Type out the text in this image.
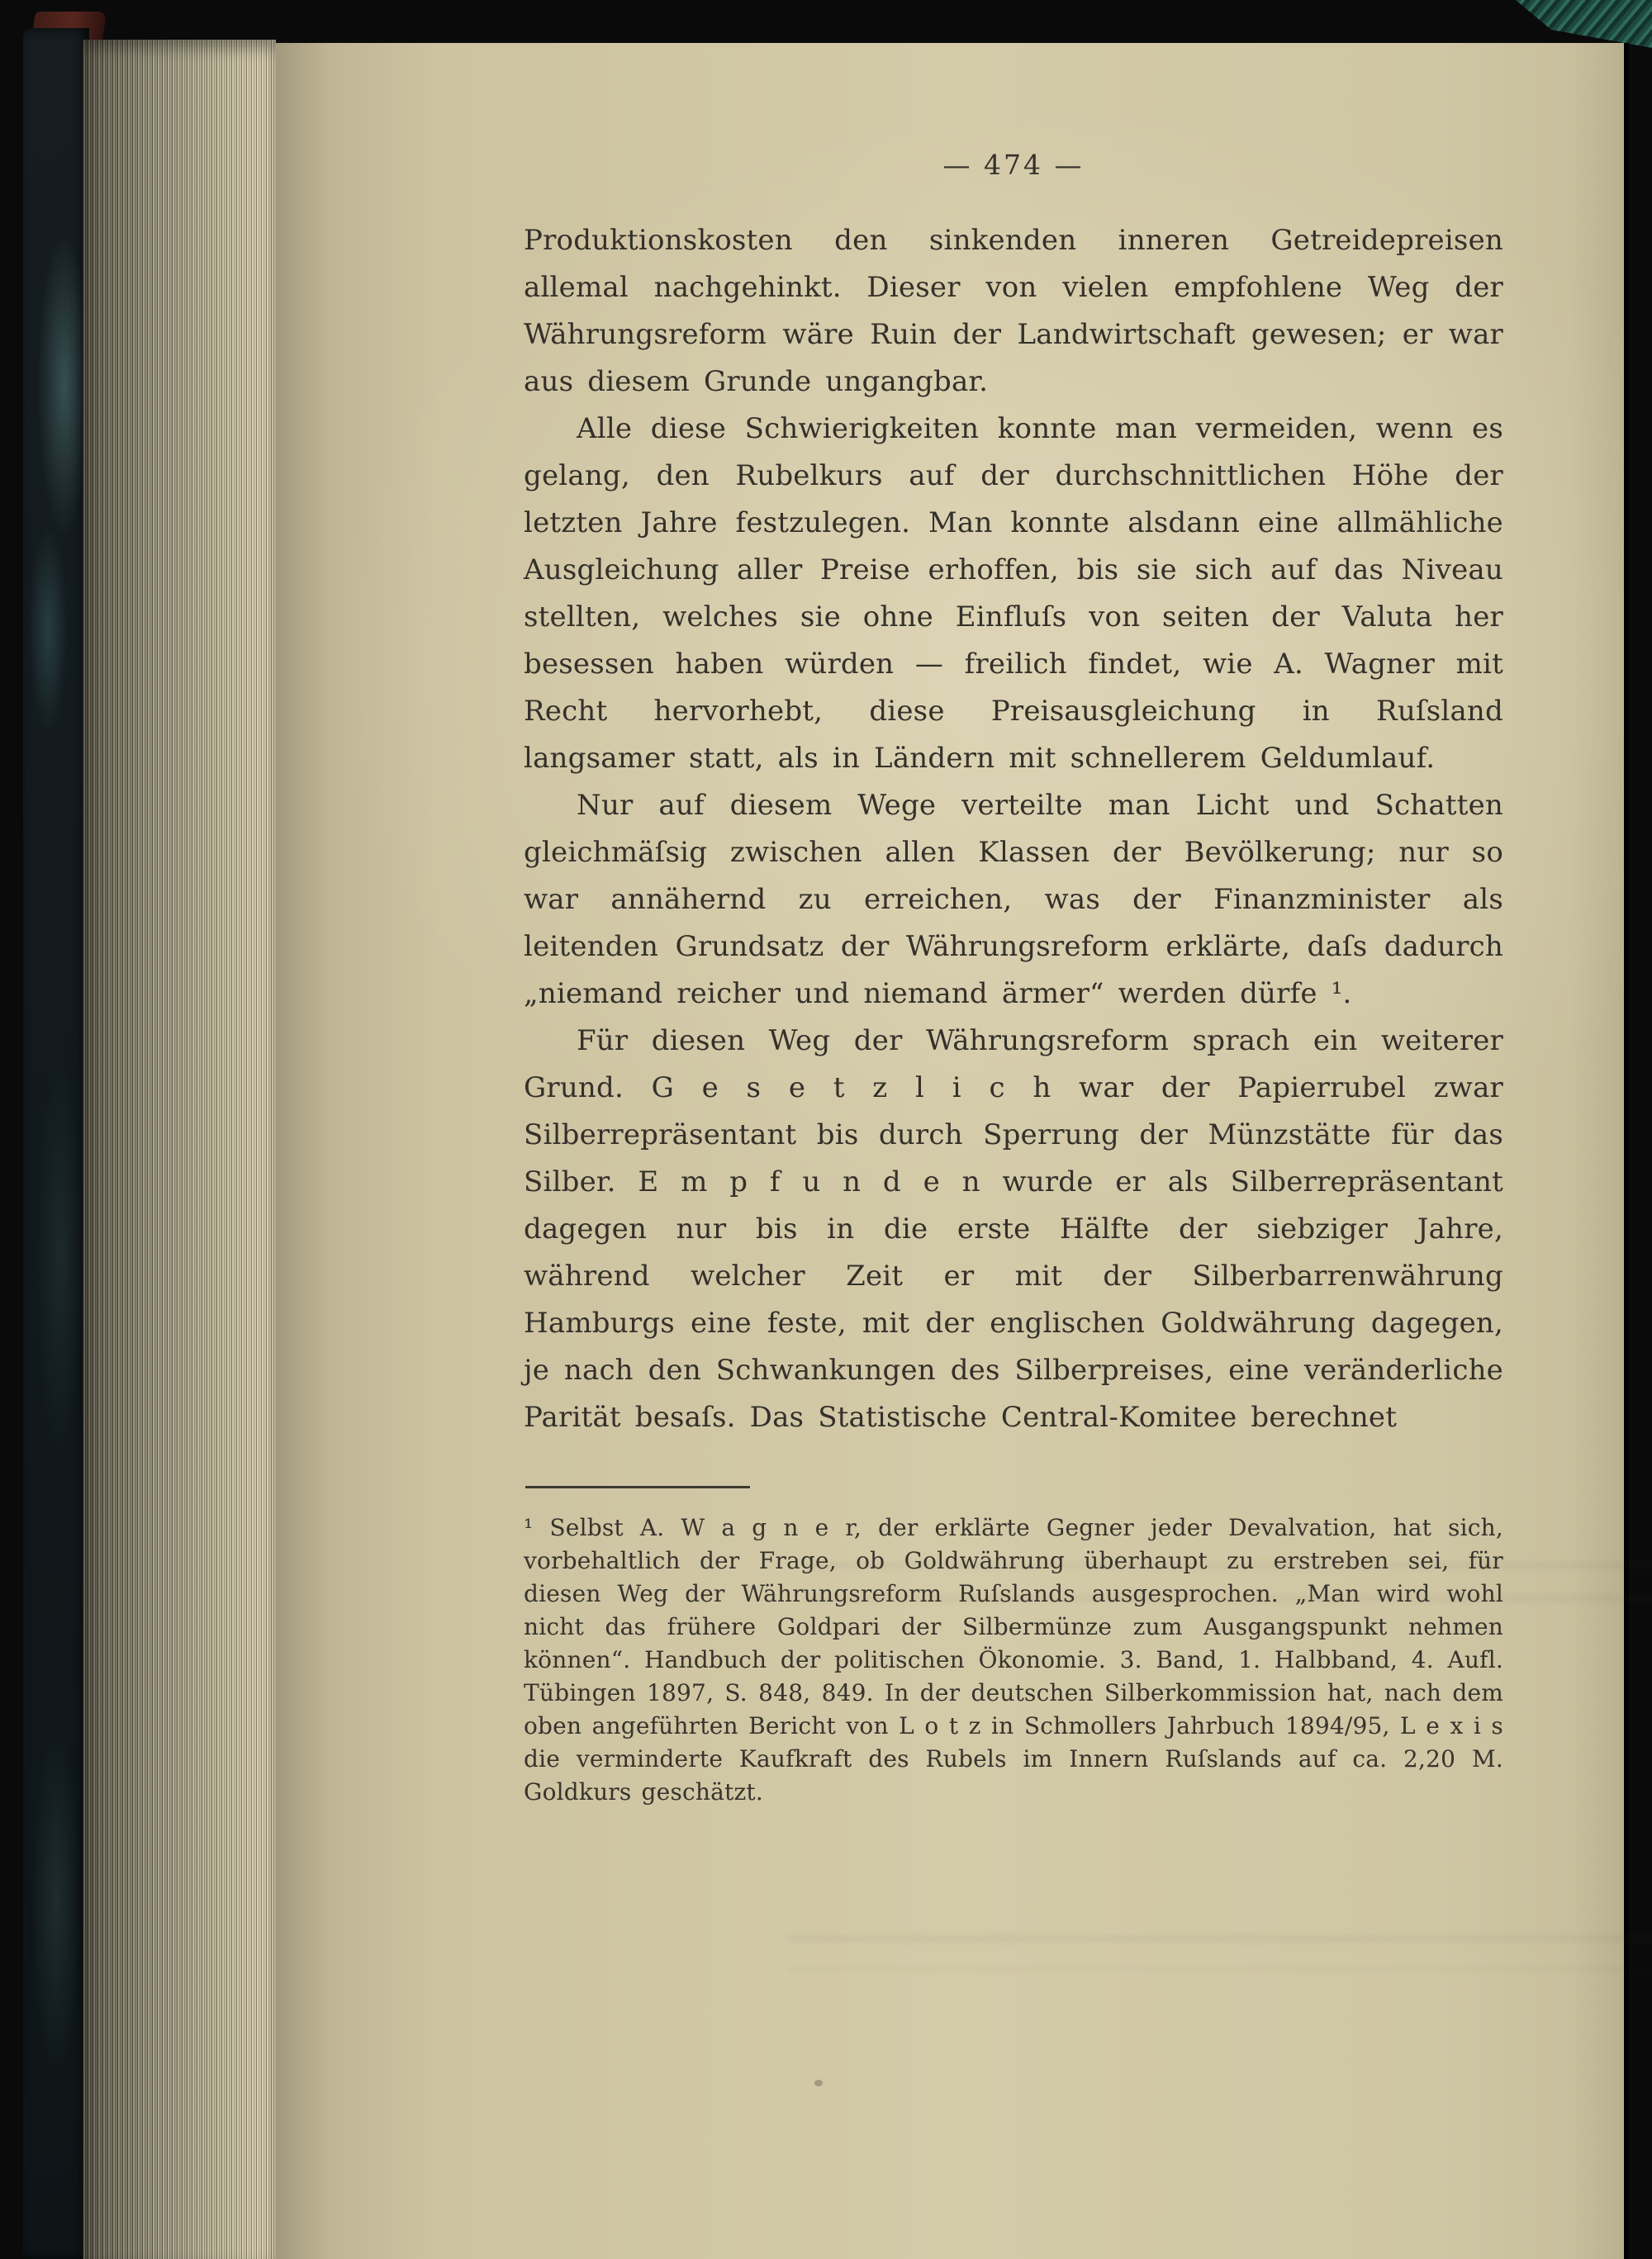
— 474 —

Produktionskosten den sinkenden inneren Getreidepreisen allemal nachgehinkt. Dieser von vielen empfohlene Weg der Währungsreform wäre Ruin der Landwirtschaft gewesen; er war aus diesem Grunde ungangbar.

Alle diese Schwierigkeiten konnte man vermeiden, wenn es gelang, den Rubelkurs auf der durchschnittlichen Höhe der letzten Jahre festzulegen. Man konnte alsdann eine allmähliche Ausgleichung aller Preise erhoffen, bis sie sich auf das Niveau stellten, welches sie ohne Einfluſs von seiten der Valuta her besessen haben würden — freilich findet, wie A. Wagner mit Recht hervorhebt, diese Preisausgleichung in Ruſsland langsamer statt, als in Ländern mit schnellerem Geldumlauf.

Nur auf diesem Wege verteilte man Licht und Schatten gleichmäſsig zwischen allen Klassen der Bevölkerung; nur so war annähernd zu erreichen, was der Finanzminister als leitenden Grundsatz der Währungsreform erklärte, daſs dadurch „niemand reicher und niemand ärmer“ werden dürfe ¹.

Für diesen Weg der Währungsreform sprach ein weiterer Grund. G e s e t z l i c h war der Papierrubel zwar Silberrepräsentant bis durch Sperrung der Münzstätte für das Silber. E m p f u n d e n wurde er als Silberrepräsentant dagegen nur bis in die erste Hälfte der siebziger Jahre, während welcher Zeit er mit der Silberbarrenwährung Hamburgs eine feste, mit der englischen Goldwährung dagegen, je nach den Schwankungen des Silberpreises, eine veränderliche Parität besaſs. Das Statistische Central-Komitee berechnet

¹ Selbst A. W a g n e r, der erklärte Gegner jeder Devalvation, hat sich, vorbehaltlich der Frage, ob Goldwährung überhaupt zu erstreben sei, für diesen Weg der Währungsreform Ruſslands ausgesprochen. „Man wird wohl nicht das frühere Goldpari der Silbermünze zum Ausgangspunkt nehmen können“. Handbuch der politischen Ökonomie. 3. Band, 1. Halbband, 4. Aufl. Tübingen 1897, S. 848, 849. In der deutschen Silberkommission hat, nach dem oben angeführten Bericht von L o t z in Schmollers Jahrbuch 1894/95, L e x i s die verminderte Kaufkraft des Rubels im Innern Ruſslands auf ca. 2,20 M. Goldkurs geschätzt.
